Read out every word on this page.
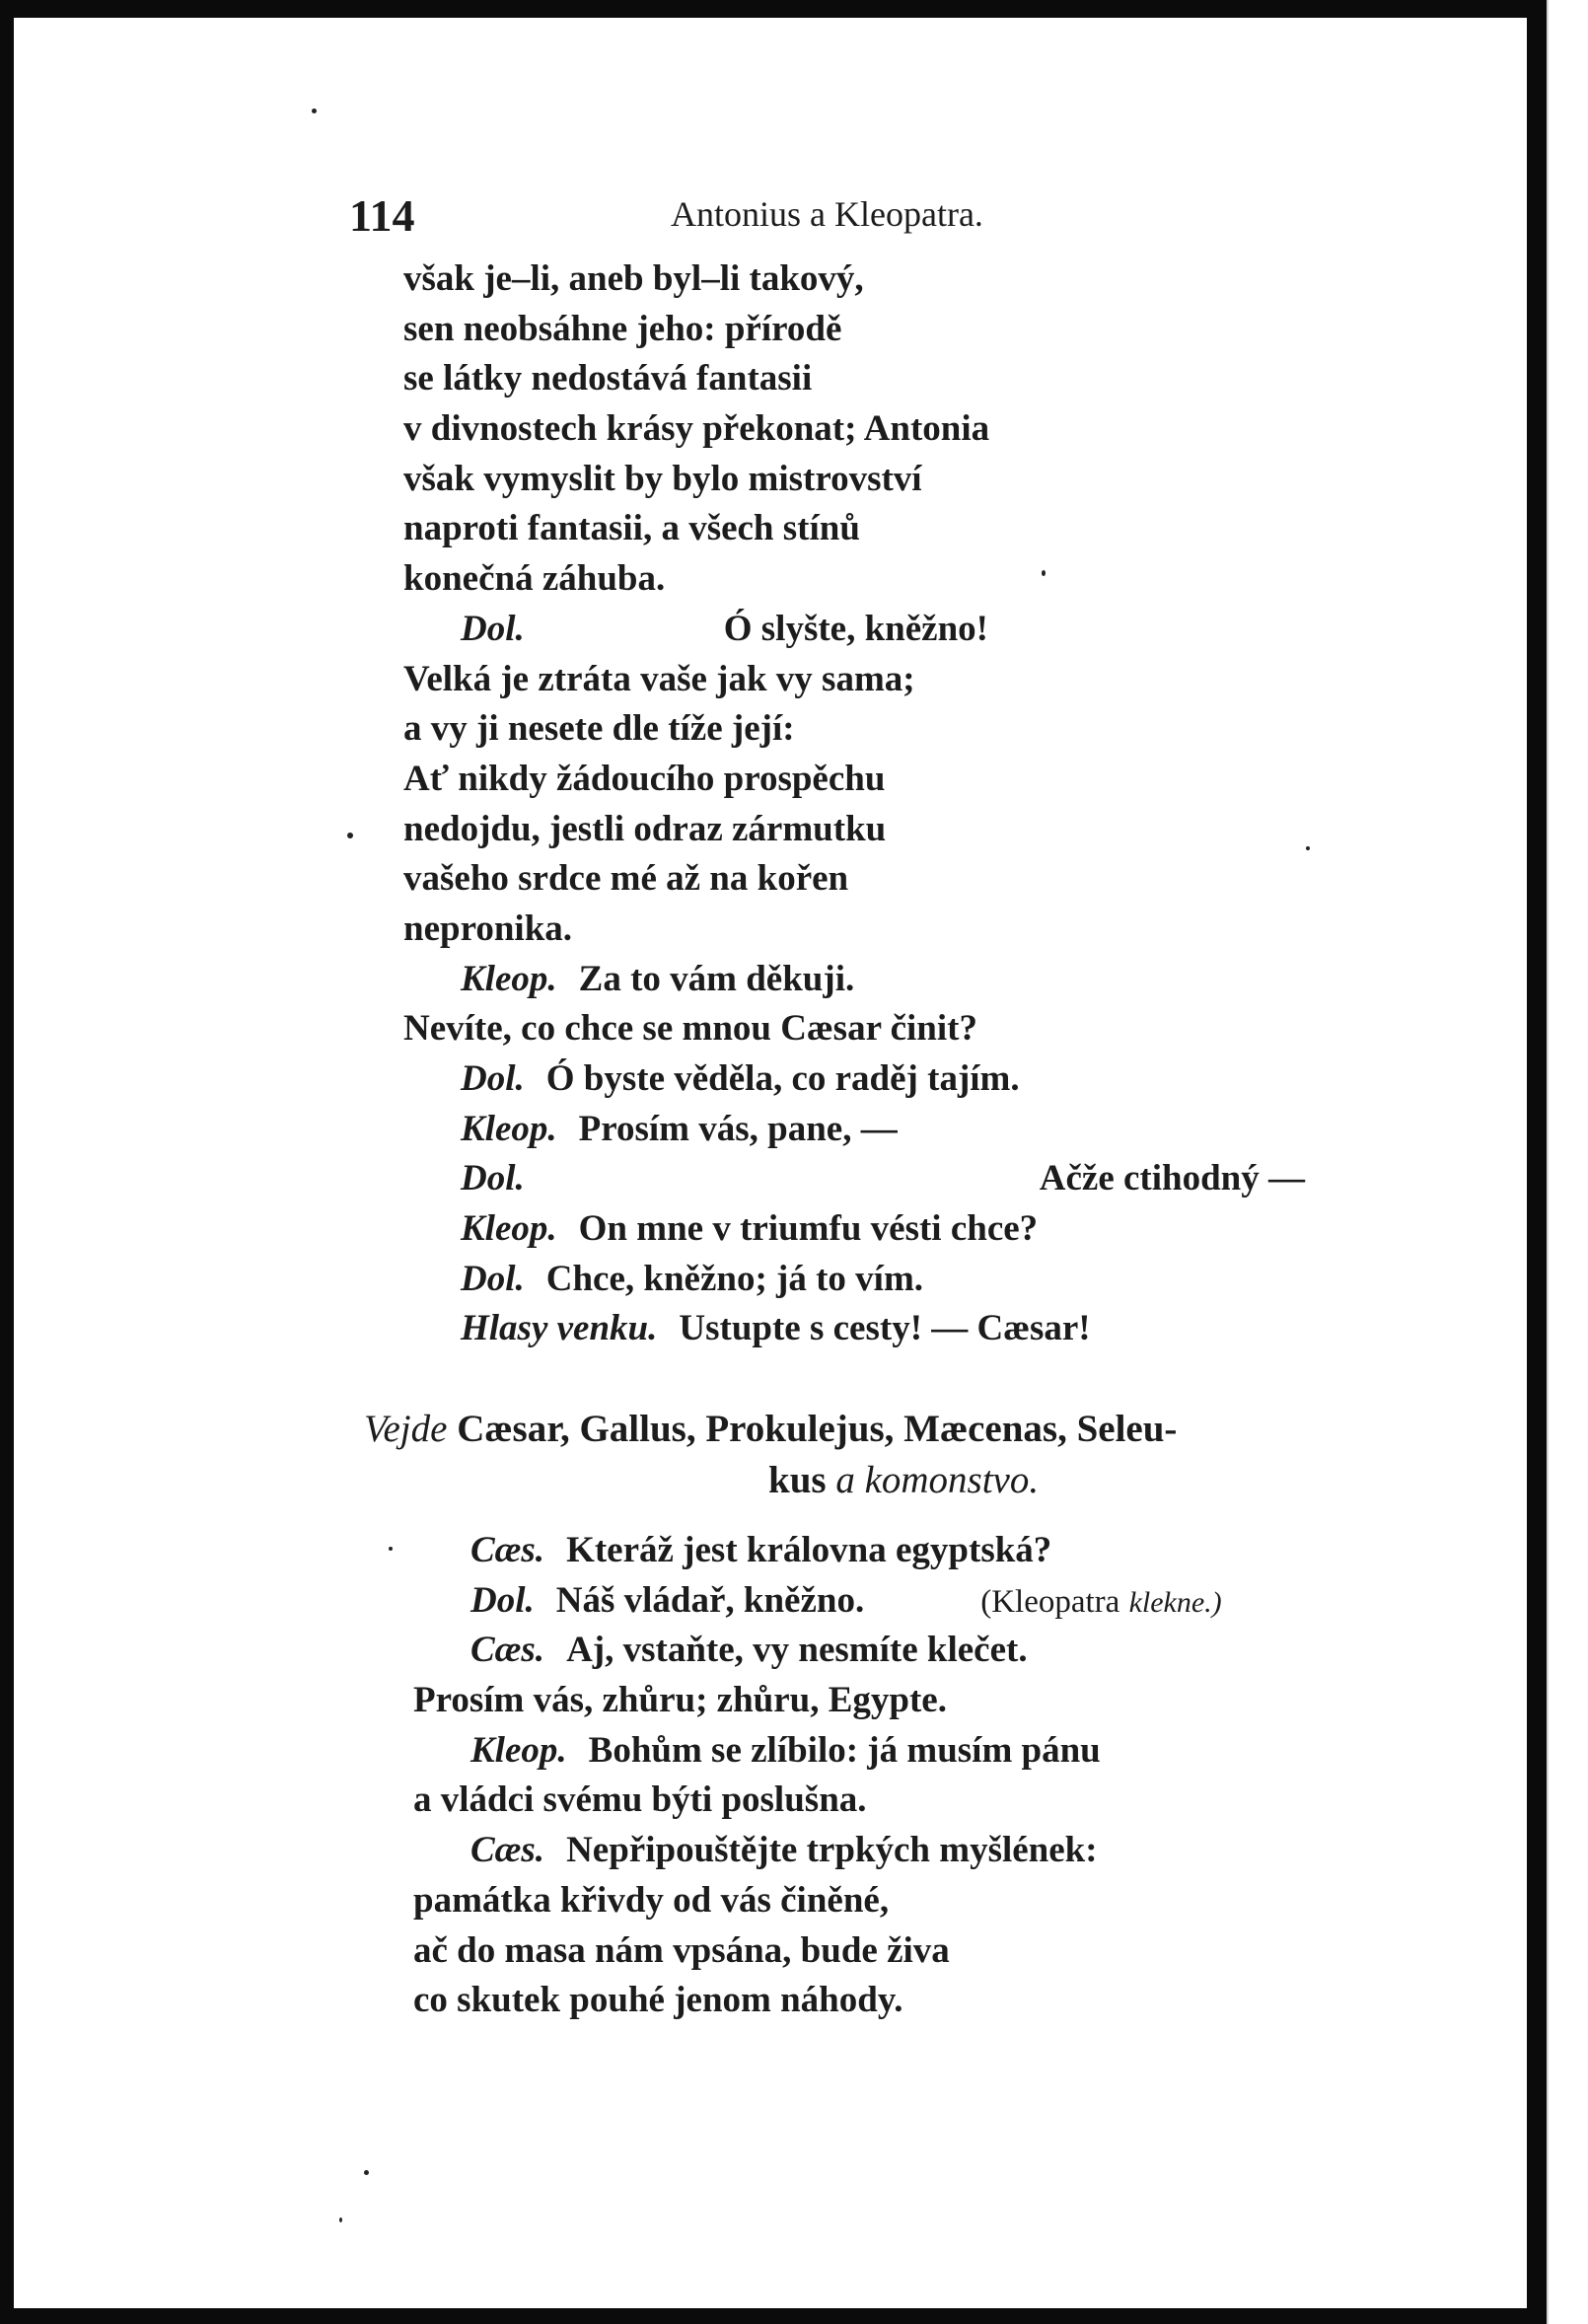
114	Antonius a Kleopatra.
však je–li, aneb byl–li takový,
sen neobsáhne jeho: přírodě
se látky nedostává fantasii
v divnostech krásy překonat; Antonia
však vymyslit by bylo mistrovství
naproti fantasii, a všech stínů
konečná záhuba.
Dol.	Ó slyšte, kněžno!
Velká je ztráta vaše jak vy sama;
a vy ji nesete dle tíže její:
Ať nikdy žádoucího prospěchu
nedojdu, jestli odraz zármutku
vašeho srdce mé až na kořen
nepronika.
Kleop. Za to vám děkuji.
Nevíte, co chce se mnou Cæsar činit?
Dol. Ó byste věděla, co raděj tajím.
Kleop. Prosím vás, pane, —
Dol.	Ačže ctihodný —
Kleop. On mne v triumfu vésti chce?
Dol. Chce, kněžno; já to vím.
Hlasy venku. Ustupte s cesty! — Cæsar!
Vejde Cæsar, Gallus, Prokulejus, Mæcenas, Seleu-
kus a komonstvo.
Cæs. Kteráž jest královna egyptská?
Dol. Náš vládař, kněžno.	(Kleopatra klekne.)
Cæs. Aj, vstaňte, vy nesmíte klečet.
Prosím vás, zhůru; zhůru, Egypte.
Kleop. Bohům se zlíbilo: já musím pánu
a vládci svému býti poslušna.
Cæs. Nepřipouštějte trpkých myšlének:
památka křivdy od vás činěné,
ač do masa nám vpsána, bude živa
co skutek pouhé jenom náhody.
